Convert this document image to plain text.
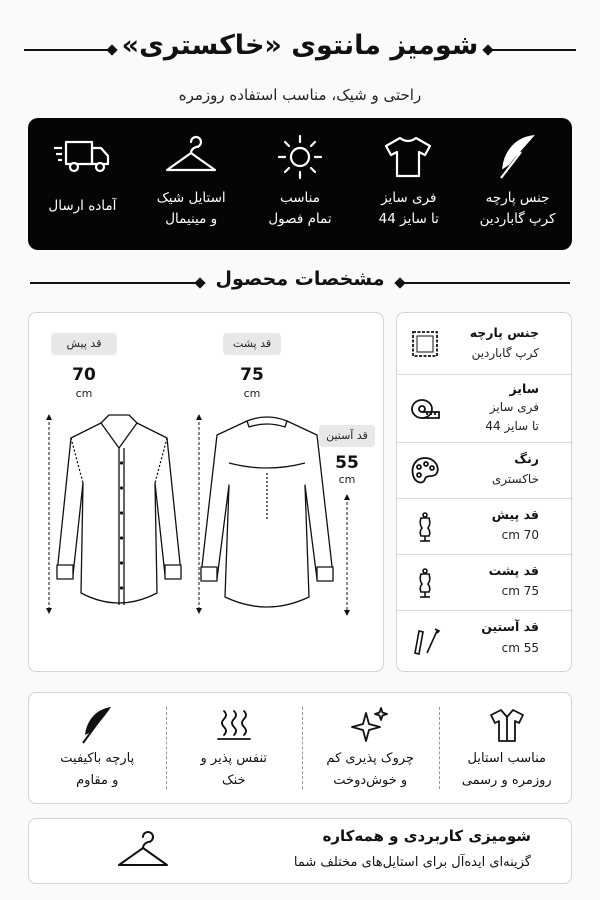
شومیز مانتوی «خاکستری»
راحتی و شیک، مناسب استفاده روزمره
آماده ارسال	استایل شیک
و مینیمال
مناسب
تمام فصول
فری سایز
تا سایز 44
جنس پارچه
کرپ گاباردین
مشخصات محصول
قد پیش
70
cm
قد پشت
75
cm
قد آستین
55
cm
جنس پارچه
کرپ گاباردین
سایز
فری سایز
تا سایز 44
رنگ
خاکستری
قد پیش
70 cm
قد پشت
75 cm
قد آستین
55 cm
پارچه باکیفیت
و مقاوم
تنفس پذیر و
خنک
چروک پذیری کم
و خوش‌دوخت
مناسب استایل
روزمره و رسمی
شومیزی کاربردی و همه‌کاره
گزینه‌ای ایده‌آل برای استایل‌های مختلف شما
